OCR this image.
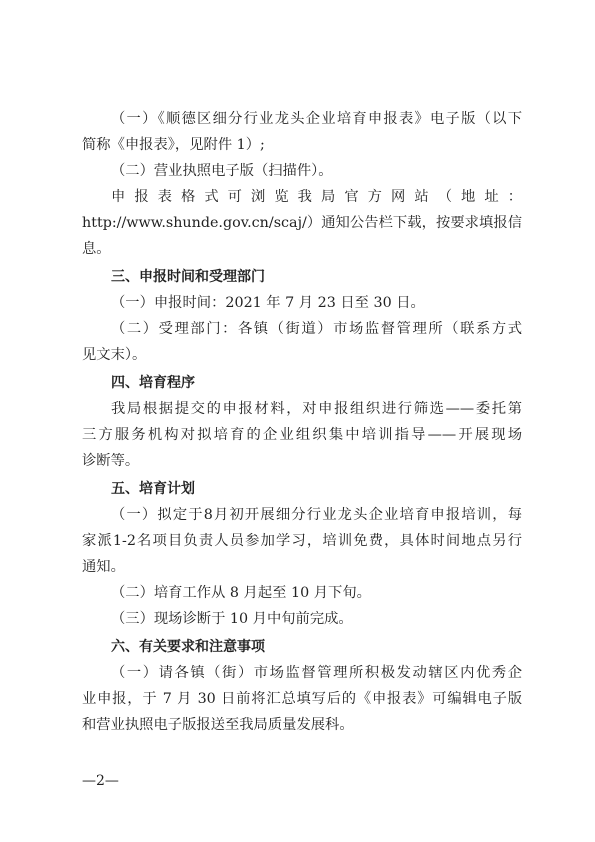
（一）《顺德区细分行业龙头企业培育申报表》电子版（以下
简称《申报表》，见附件 1）;
（二）营业执照电子版（扫描件）。
申 报 表 格 式 可 浏 览 我 局 官 方 网 站 （ 地 址 ：
http://www.shunde.gov.cn/scaj/）通知公告栏下载，按要求填报信
息。
三、申报时间和受理部门
（一）申报时间：2021 年 7 月 23 日至 30 日。
（二）受理部门：各镇（街道）市场监督管理所（联系方式
见文末）。
四、培育程序
我局根据提交的申报材料，对申报组织进行筛选——委托第
三方服务机构对拟培育的企业组织集中培训指导——开展现场
诊断等。
五、培育计划
（一）拟定于8月初开展细分行业龙头企业培育申报培训，每
家派1-2名项目负责人员参加学习，培训免费，具体时间地点另行
通知。
（二）培育工作从 8 月起至 10 月下旬。
（三）现场诊断于 10 月中旬前完成。
六、有关要求和注意事项
（一）请各镇（街）市场监督管理所积极发动辖区内优秀企
业申报，于 7 月 30 日前将汇总填写后的《申报表》可编辑电子版
和营业执照电子版报送至我局质量发展科。
—2—
